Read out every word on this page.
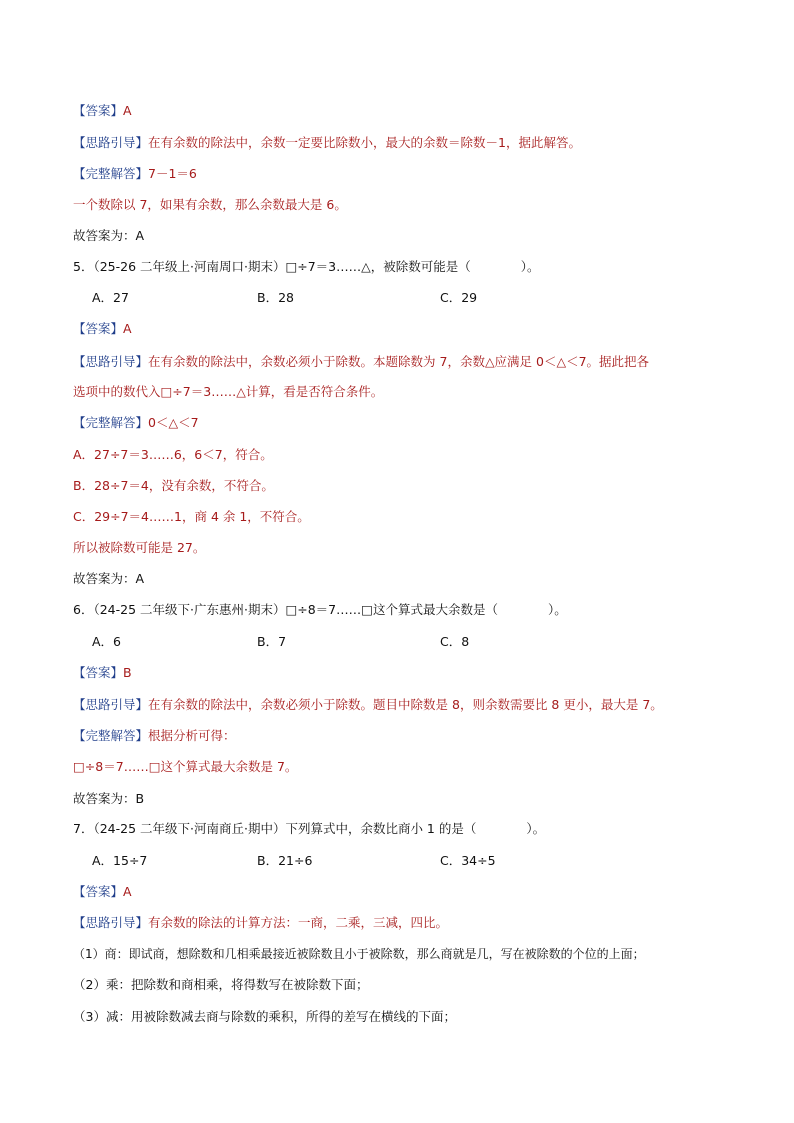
【答案】A
【思路引导】在有余数的除法中，余数一定要比除数小，最大的余数＝除数－1，据此解答。
【完整解答】7－1＝6
一个数除以 7，如果有余数，那么余数最大是 6。
故答案为：A
5．（25-26 二年级上·河南周口·期末）□÷7＝3……△，被除数可能是（　　　　）。
A．27	B．28	C．29
【答案】A
【思路引导】在有余数的除法中，余数必须小于除数。本题除数为 7，余数△应满足 0＜△＜7。据此把各
选项中的数代入□÷7＝3……△计算，看是否符合条件。
【完整解答】0＜△＜7
A．27÷7＝3……6，6＜7，符合。
B．28÷7＝4，没有余数，不符合。
C．29÷7＝4……1，商 4 余 1，不符合。
所以被除数可能是 27。
故答案为：A
6．（24-25 二年级下·广东惠州·期末）□÷8＝7……□这个算式最大余数是（　　　　）。
A．6	B．7	C．8
【答案】B
【思路引导】在有余数的除法中，余数必须小于除数。题目中除数是 8，则余数需要比 8 更小，最大是 7。
【完整解答】根据分析可得：
□÷8＝7……□这个算式最大余数是 7。
故答案为：B
7．（24-25 二年级下·河南商丘·期中）下列算式中，余数比商小 1 的是（　　　　）。
A．15÷7	B．21÷6	C．34÷5
【答案】A
【思路引导】有余数的除法的计算方法：一商，二乘，三减，四比。
（1）商：即试商，想除数和几相乘最接近被除数且小于被除数，那么商就是几，写在被除数的个位的上面；
（2）乘：把除数和商相乘，将得数写在被除数下面；
（3）减：用被除数减去商与除数的乘积，所得的差写在横线的下面；
